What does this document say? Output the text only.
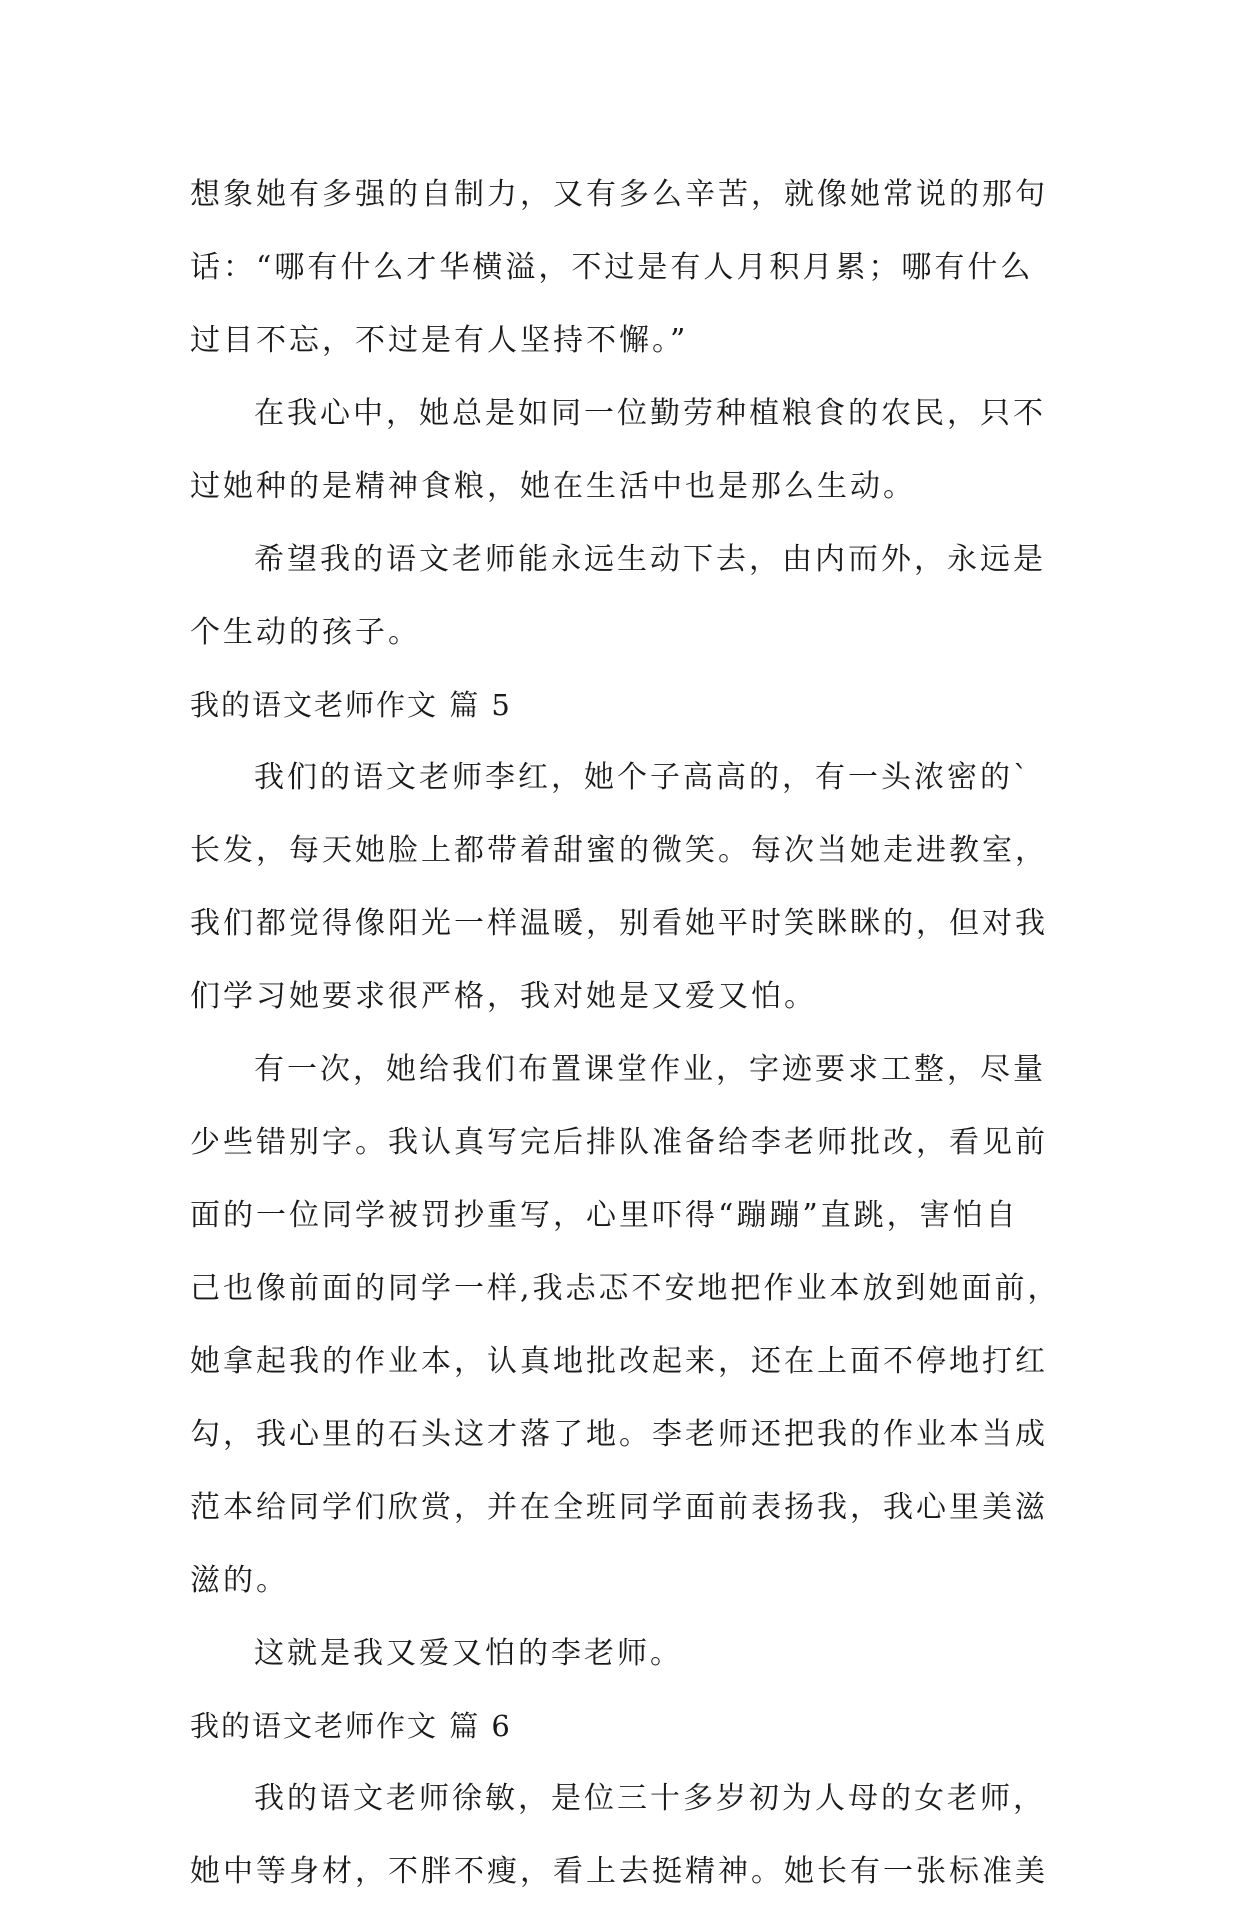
想象她有多强的自制力，又有多么辛苦，就像她常说的那句
话：“哪有什么才华横溢，不过是有人月积月累；哪有什么
过目不忘，不过是有人坚持不懈。”
在我心中，她总是如同一位勤劳种植粮食的农民，只不
过她种的是精神食粮，她在生活中也是那么生动。
希望我的语文老师能永远生动下去，由内而外，永远是
个生动的孩子。
我的语文老师作文 篇 5
我们的语文老师李红，她个子高高的，有一头浓密的`
长发，每天她脸上都带着甜蜜的微笑。每次当她走进教室，
我们都觉得像阳光一样温暖，别看她平时笑眯眯的，但对我
们学习她要求很严格，我对她是又爱又怕。
有一次，她给我们布置课堂作业，字迹要求工整，尽量
少些错别字。我认真写完后排队准备给李老师批改，看见前
面的一位同学被罚抄重写，心里吓得“蹦蹦”直跳，害怕自
己也像前面的同学一样,我忐忑不安地把作业本放到她面前，
她拿起我的作业本，认真地批改起来，还在上面不停地打红
勾，我心里的石头这才落了地。李老师还把我的作业本当成
范本给同学们欣赏，并在全班同学面前表扬我，我心里美滋
滋的。
这就是我又爱又怕的李老师。
我的语文老师作文 篇 6
我的语文老师徐敏，是位三十多岁初为人母的女老师，
她中等身材，不胖不瘦，看上去挺精神。她长有一张标准美
